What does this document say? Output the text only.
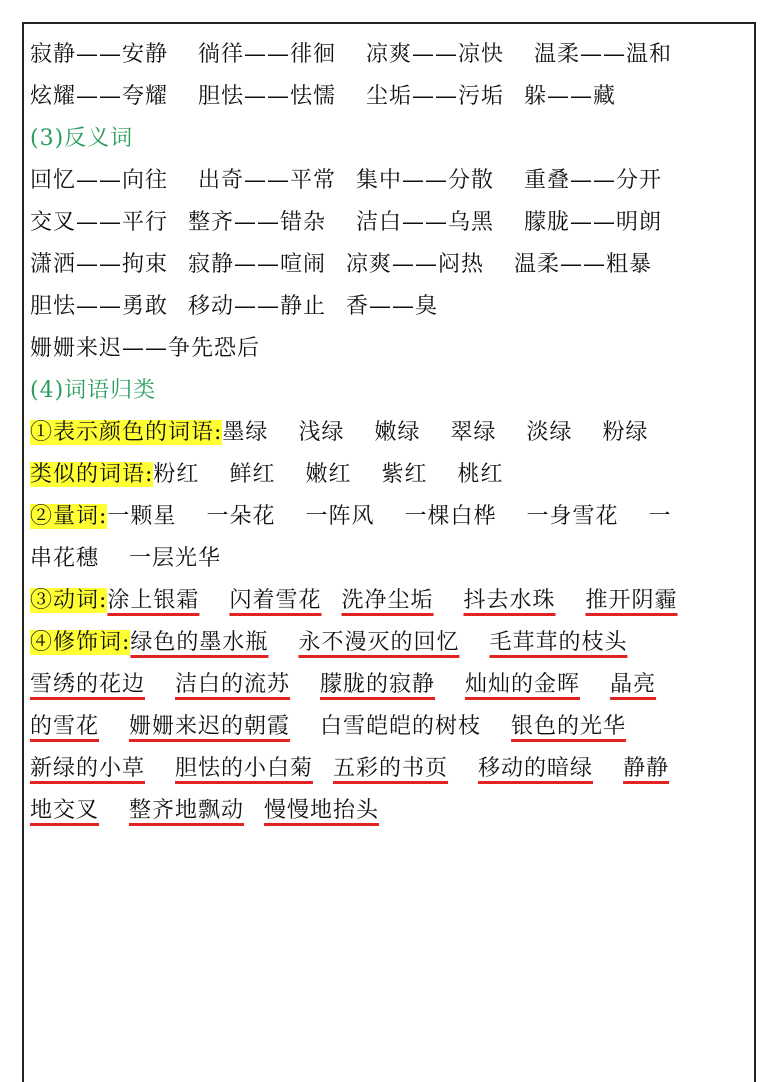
寂静——安静 徜徉——徘徊 凉爽——凉快 温柔——温和
炫耀——夸耀 胆怯——怯懦 尘垢——污垢 躲——藏
(3)反义词
回忆——向往 出奇——平常 集中——分散 重叠——分开
交叉——平行 整齐——错杂 洁白——乌黑 朦胧——明朗
潇洒——拘束 寂静——喧闹 凉爽——闷热 温柔——粗暴
胆怯——勇敢 移动——静止 香——臭
姗姗来迟——争先恐后
(4)词语归类
①表示颜色的词语:墨绿 浅绿 嫩绿 翠绿 淡绿 粉绿
类似的词语:粉红 鲜红 嫩红 紫红 桃红
②量词:一颗星 一朵花 一阵风 一棵白桦 一身雪花 一
串花穗 一层光华
③动词:涂上银霜 闪着雪花 洗净尘垢 抖去水珠 推开阴霾
④修饰词:绿色的墨水瓶 永不漫灭的回忆 毛茸茸的枝头
雪绣的花边 洁白的流苏 朦胧的寂静 灿灿的金晖 晶亮
的雪花 姗姗来迟的朝霞 白雪皑皑的树枝 银色的光华
新绿的小草 胆怯的小白菊 五彩的书页 移动的暗绿 静静
地交叉 整齐地飘动 慢慢地抬头
